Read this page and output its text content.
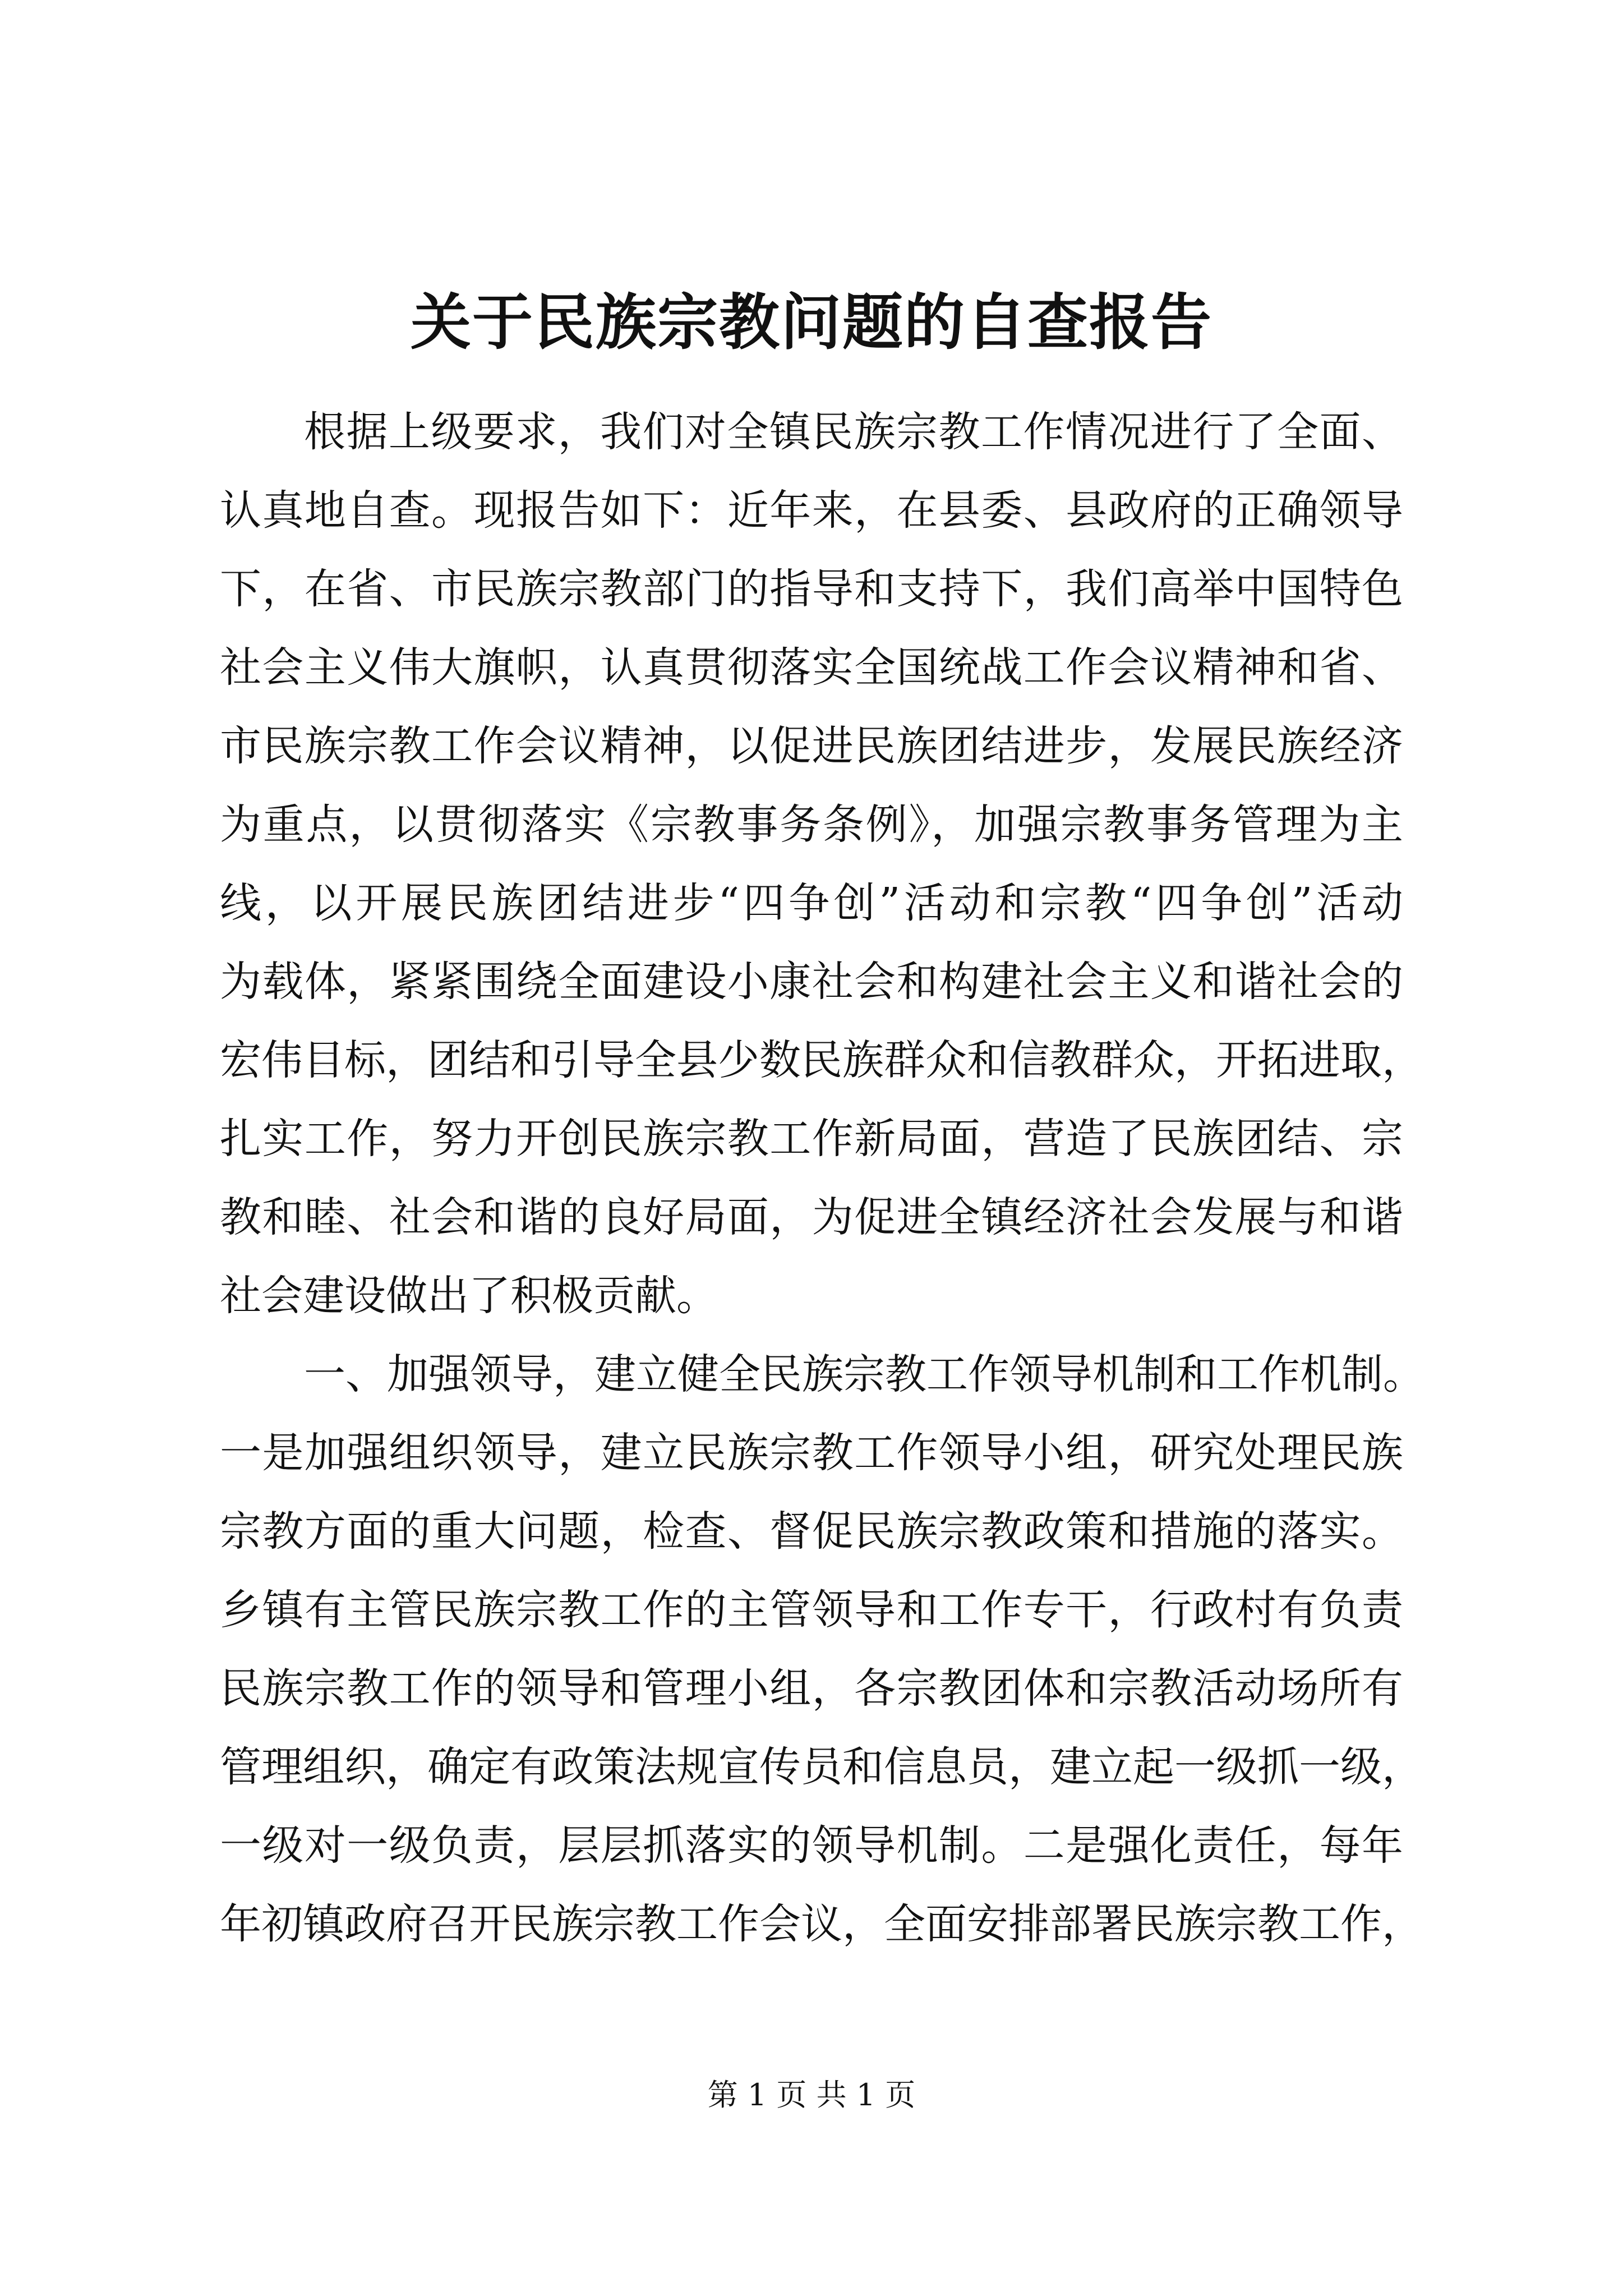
关于民族宗教问题的自查报告
根据上级要求，我们对全镇民族宗教工作情况进行了全面、
认真地自查。现报告如下：近年来，在县委、县政府的正确领导
下，在省、市民族宗教部门的指导和支持下，我们高举中国特色
社会主义伟大旗帜，认真贯彻落实全国统战工作会议精神和省、
市民族宗教工作会议精神，以促进民族团结进步，发展民族经济
为重点，以贯彻落实《宗教事务条例》，加强宗教事务管理为主
线，以开展民族团结进步“四争创”活动和宗教“四争创”活动
为载体，紧紧围绕全面建设小康社会和构建社会主义和谐社会的
宏伟目标，团结和引导全县少数民族群众和信教群众，开拓进取，
扎实工作，努力开创民族宗教工作新局面，营造了民族团结、宗
教和睦、社会和谐的良好局面，为促进全镇经济社会发展与和谐
社会建设做出了积极贡献。
一、加强领导，建立健全民族宗教工作领导机制和工作机制。
一是加强组织领导，建立民族宗教工作领导小组，研究处理民族
宗教方面的重大问题，检查、督促民族宗教政策和措施的落实。
乡镇有主管民族宗教工作的主管领导和工作专干，行政村有负责
民族宗教工作的领导和管理小组，各宗教团体和宗教活动场所有
管理组织，确定有政策法规宣传员和信息员，建立起一级抓一级，
一级对一级负责，层层抓落实的领导机制。二是强化责任，每年
年初镇政府召开民族宗教工作会议，全面安排部署民族宗教工作，
第 1 页 共 1 页
